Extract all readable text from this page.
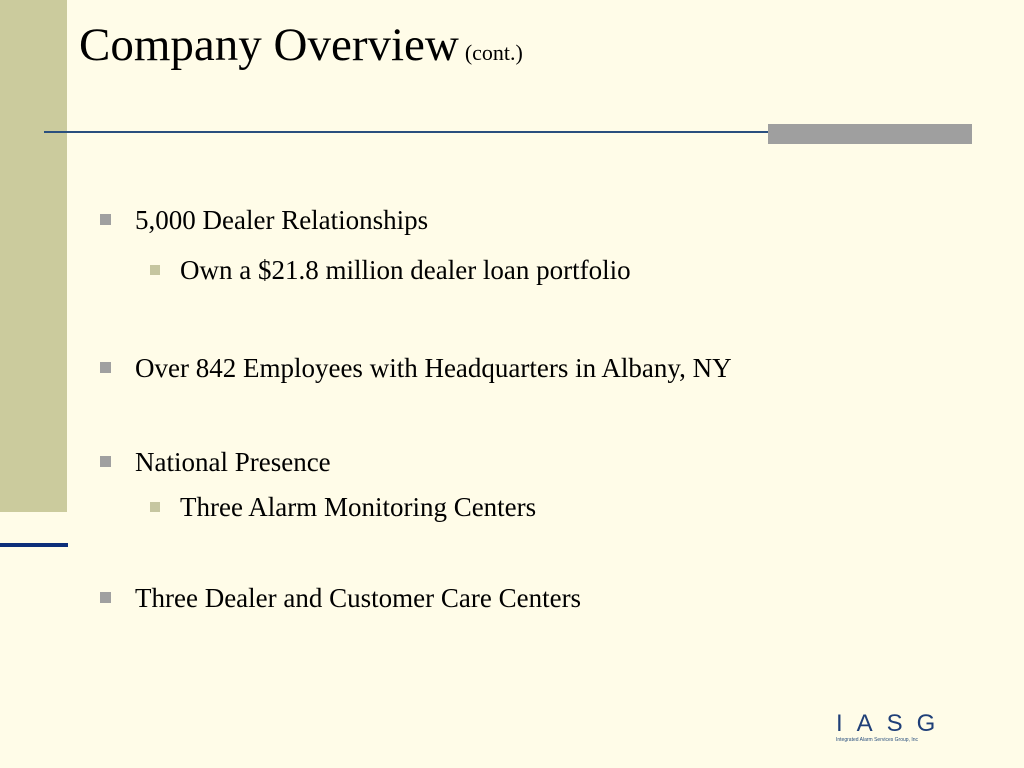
Company Overview (cont.)
5,000 Dealer Relationships
Own a $21.8 million dealer loan portfolio
Over 842 Employees with Headquarters in Albany, NY
National Presence
Three Alarm Monitoring Centers
Three Dealer and Customer Care Centers
IASG
Integrated Alarm Services Group, Inc
